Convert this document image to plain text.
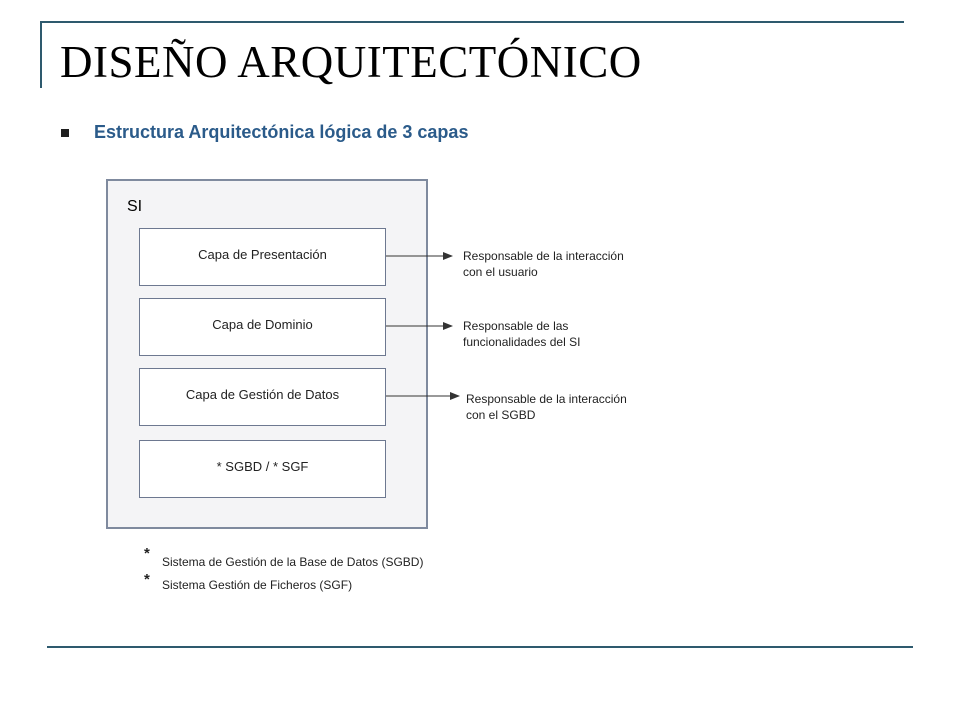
DISEÑO ARQUITECTÓNICO
Estructura Arquitectónica lógica de 3 capas
SI
Capa de Presentación
Capa de Dominio
Capa de Gestión de Datos
* SGBD / * SGF
Responsable de la interacción
con el usuario
Responsable de las
funcionalidades del SI
Responsable de la interacción
con el SGBD
* Sistema de Gestión de la Base de Datos (SGBD)
* Sistema Gestión de Ficheros (SGF)
